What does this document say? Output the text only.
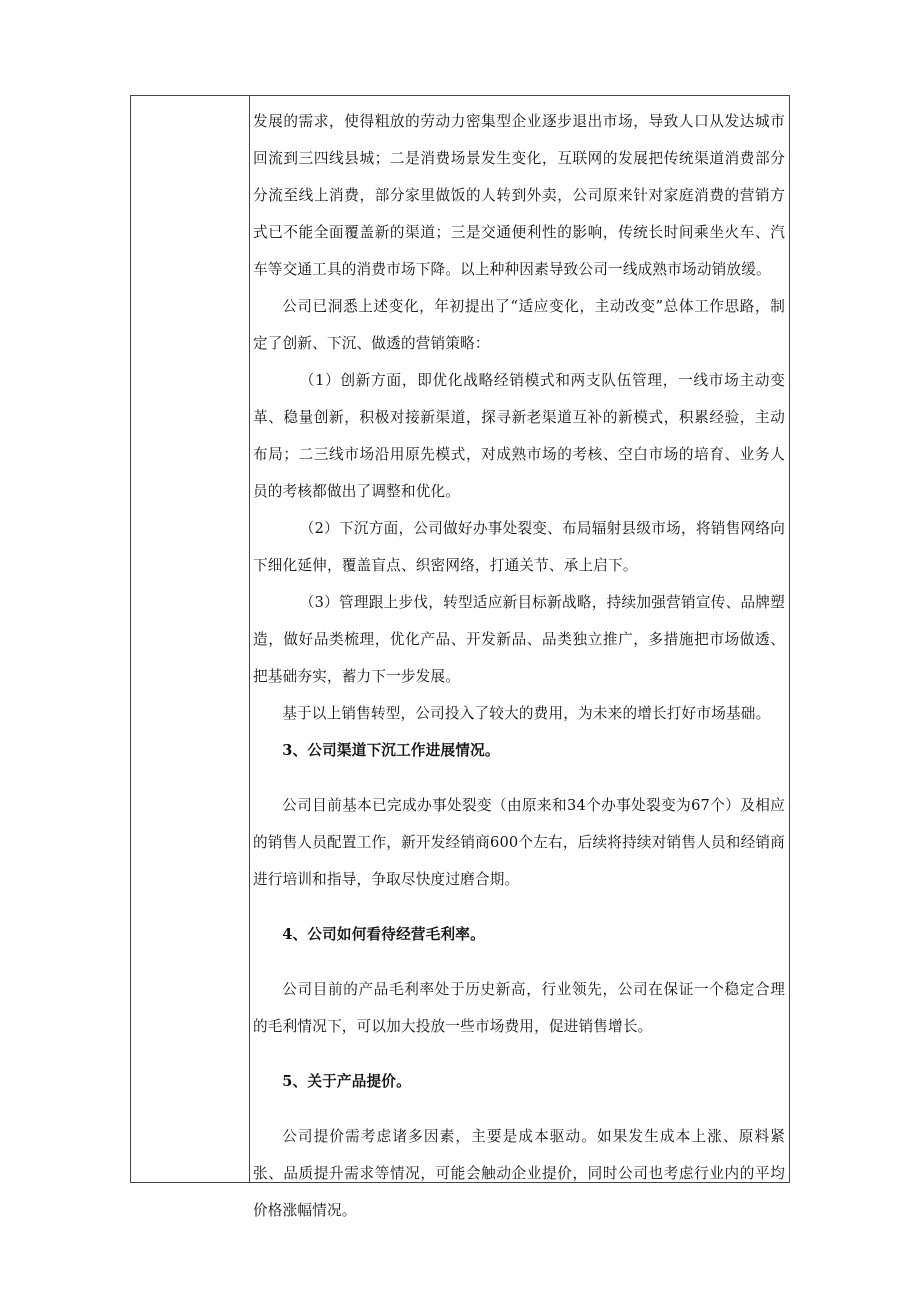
发展的需求，使得粗放的劳动力密集型企业逐步退出市场，导致人口从发达城市回流到三四线县城；二是消费场景发生变化，互联网的发展把传统渠道消费部分分流至线上消费，部分家里做饭的人转到外卖，公司原来针对家庭消费的营销方式已不能全面覆盖新的渠道；三是交通便利性的影响，传统长时间乘坐火车、汽车等交通工具的消费市场下降。以上种种因素导致公司一线成熟市场动销放缓。

公司已洞悉上述变化，年初提出了“适应变化，主动改变”总体工作思路，制定了创新、下沉、做透的营销策略：

（1）创新方面，即优化战略经销模式和两支队伍管理，一线市场主动变革、稳量创新，积极对接新渠道，探寻新老渠道互补的新模式，积累经验，主动布局；二三线市场沿用原先模式，对成熟市场的考核、空白市场的培育、业务人员的考核都做出了调整和优化。

（2）下沉方面，公司做好办事处裂变、布局辐射县级市场，将销售网络向下细化延伸，覆盖盲点、织密网络，打通关节、承上启下。

（3）管理跟上步伐，转型适应新目标新战略，持续加强营销宣传、品牌塑造，做好品类梳理，优化产品、开发新品、品类独立推广，多措施把市场做透、把基础夯实，蓄力下一步发展。

基于以上销售转型，公司投入了较大的费用，为未来的增长打好市场基础。

3、公司渠道下沉工作进展情况。

公司目前基本已完成办事处裂变（由原来和34个办事处裂变为67个）及相应的销售人员配置工作，新开发经销商600个左右，后续将持续对销售人员和经销商进行培训和指导，争取尽快度过磨合期。

4、公司如何看待经营毛利率。

公司目前的产品毛利率处于历史新高，行业领先，公司在保证一个稳定合理的毛利情况下，可以加大投放一些市场费用，促进销售增长。

5、关于产品提价。

公司提价需考虑诸多因素，主要是成本驱动。如果发生成本上涨、原料紧张、品质提升需求等情况，可能会触动企业提价，同时公司也考虑行业内的平均价格涨幅情况。
